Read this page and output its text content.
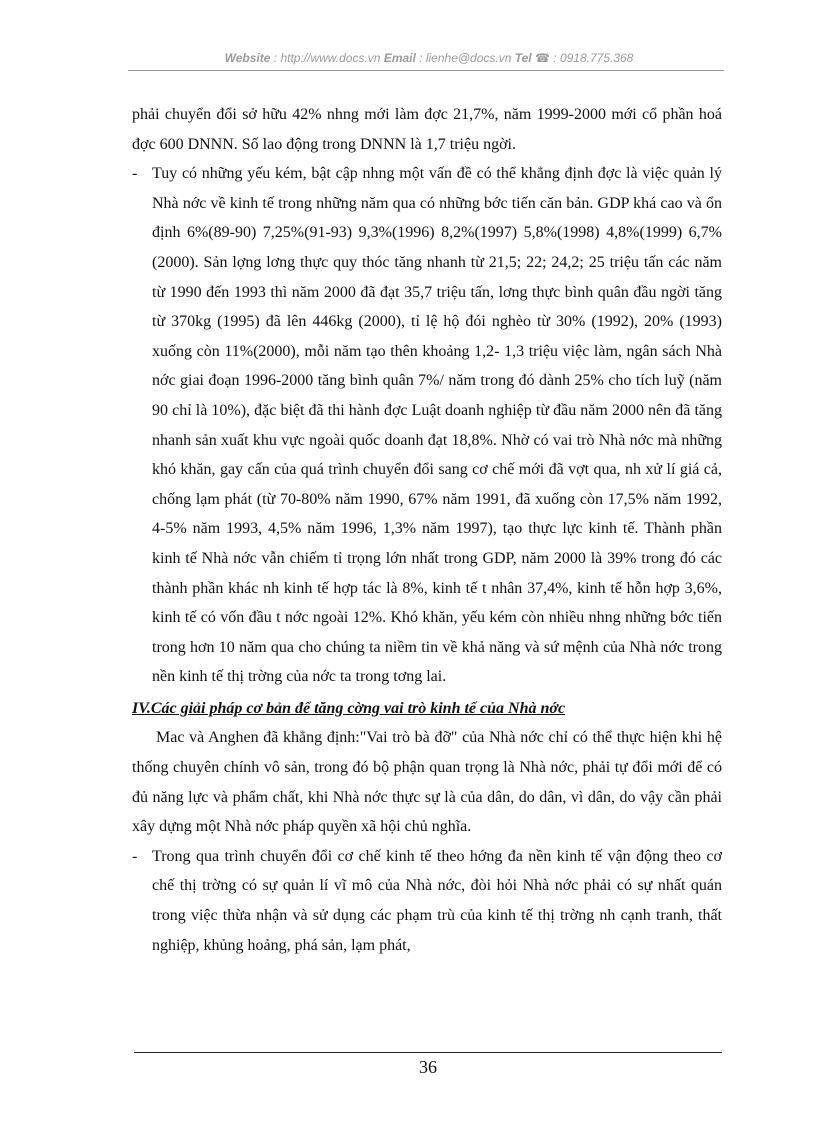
Website : http://www.docs.vn Email : lienhe@docs.vn Tel ☎ : 0918.775.368

phải chuyển đổi sở hữu 42% nhng mới làm đợc 21,7%, năm 1999-2000 mới cổ phần hoá đợc 600 DNNN. Số lao động trong DNNN là 1,7 triệu ngời.

- Tuy có những yếu kém, bật cập nhng một vấn đề có thể khẳng định đợc là việc quản lý Nhà nớc về kinh tế trong những năm qua có những bớc tiến căn bản. GDP khá cao và ổn định 6%(89-90) 7,25%(91-93) 9,3%(1996) 8,2%(1997) 5,8%(1998) 4,8%(1999) 6,7% (2000). Sản lợng lơng thực quy thóc tăng nhanh từ 21,5; 22; 24,2; 25 triệu tấn các năm từ 1990 đến 1993 thì năm 2000 đã đạt 35,7 triệu tấn, lơng thực bình quân đầu ngời tăng từ 370kg (1995) đã lên 446kg (2000), tỉ lệ hộ đói nghèo từ 30% (1992), 20% (1993) xuống còn 11%(2000), mỗi năm tạo thên khoảng 1,2- 1,3 triệu việc làm, ngân sách Nhà nớc giai đoạn 1996-2000 tăng bình quân 7%/ năm trong đó dành 25% cho tích luỹ (năm 90 chỉ là 10%), đặc biệt đã thi hành đợc Luật doanh nghiệp từ đầu năm 2000 nên đã tăng nhanh sản xuất khu vực ngoài quốc doanh đạt 18,8%. Nhờ có vai trò Nhà nớc mà những khó khăn, gay cấn của quá trình chuyển đổi sang cơ chế mới đã vợt qua, nh xử lí giá cả, chống lạm phát (từ 70-80% năm 1990, 67% năm 1991, đã xuống còn 17,5% năm 1992, 4-5% năm 1993, 4,5% năm 1996, 1,3% năm 1997), tạo thực lực kinh tế. Thành phần kinh tế Nhà nớc vẫn chiếm tỉ trọng lớn nhất trong GDP, năm 2000 là 39% trong đó các thành phần khác nh kinh tế hợp tác là 8%, kinh tế t nhân 37,4%, kinh tế hỗn hợp 3,6%, kinh tế có vốn đầu t nớc ngoài 12%. Khó khăn, yếu kém còn nhiều nhng những bớc tiến trong hơn 10 năm qua cho chúng ta niềm tin về khả năng và sứ mệnh của Nhà nớc trong nền kinh tế thị trờng của nớc ta trong tơng lai.

IV.Các giải pháp cơ bản để tăng cờng vai trò kinh tế của Nhà nớc

Mac và Anghen đã khẳng định:"Vai trò bà đỡ" của Nhà nớc chỉ có thể thực hiện khi hệ thống chuyên chính vô sản, trong đó bộ phận quan trọng là Nhà nớc, phải tự đổi mới để có đủ năng lực và phẩm chất, khi Nhà nớc thực sự là của dân, do dân, vì dân, do vậy cần phải xây dựng một Nhà nớc pháp quyền xã hội chủ nghĩa.

- Trong qua trình chuyển đổi cơ chế kinh tế theo hớng đa nền kinh tế vận động theo cơ chế thị trờng có sự quản lí vĩ mô của Nhà nớc, đòi hỏi Nhà nớc phải có sự nhất quán trong việc thừa nhận và sử dụng các phạm trù của kinh tế thị trờng nh cạnh tranh, thất nghiệp, khủng hoảng, phá sản, lạm phát,

36
